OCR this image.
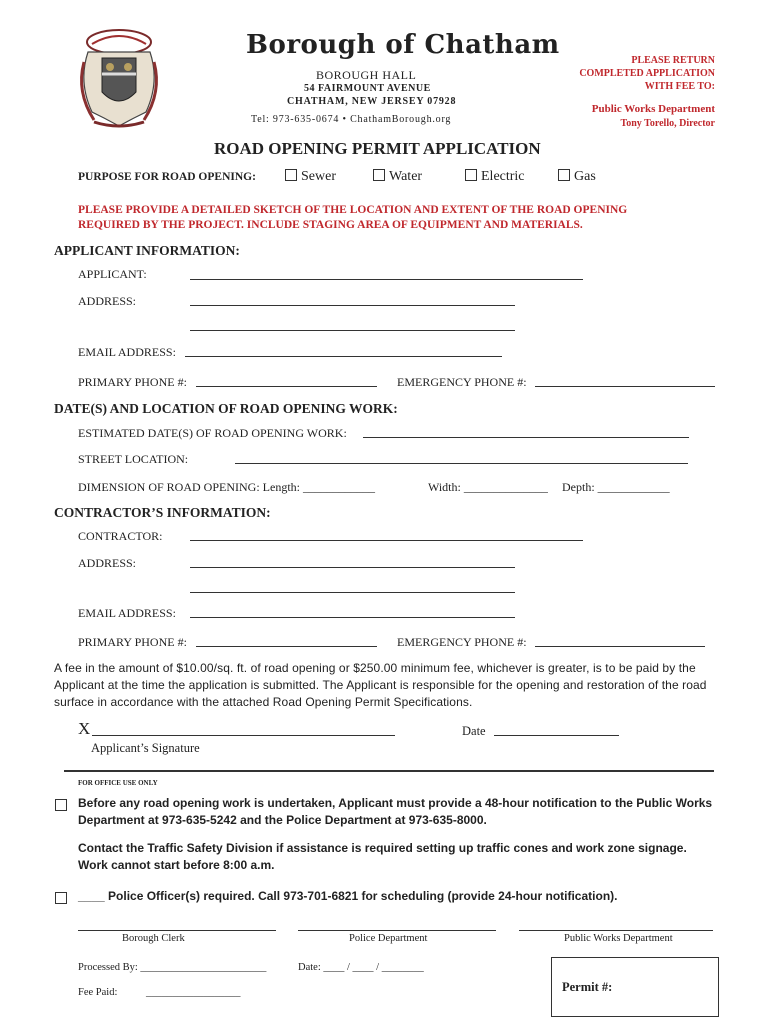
Borough of Chatham
BOROUGH HALL
54 FAIRMOUNT AVENUE
CHATHAM, NEW JERSEY 07928
Tel: 973-635-0674 • ChathamBorough.org
PLEASE RETURN
COMPLETED APPLICATION
WITH FEE TO:
Public Works Department
Tony Torello, Director
ROAD OPENING PERMIT APPLICATION
PURPOSE FOR ROAD OPENING:	Sewer	Water	Electric	Gas
PLEASE PROVIDE A DETAILED SKETCH OF THE LOCATION AND EXTENT OF THE ROAD OPENING
REQUIRED BY THE PROJECT. INCLUDE STAGING AREA OF EQUIPMENT AND MATERIALS.
APPLICANT INFORMATION:
APPLICANT:
ADDRESS:
EMAIL ADDRESS:
PRIMARY PHONE #:	EMERGENCY PHONE #:
DATE(S) AND LOCATION OF ROAD OPENING WORK:
ESTIMATED DATE(S) OF ROAD OPENING WORK:
STREET LOCATION:
DIMENSION OF ROAD OPENING: Length: ____________	Width: ______________ Depth: ____________
CONTRACTOR’S INFORMATION:
CONTRACTOR:
ADDRESS:
EMAIL ADDRESS:
PRIMARY PHONE #:	EMERGENCY PHONE #:
A fee in the amount of $10.00/sq. ft. of road opening or $250.00 minimum fee, whichever is greater, is to be paid by the Applicant at the time the application is submitted. The Applicant is responsible for the opening and restoration of the road surface in accordance with the attached Road Opening Permit Specifications.
X
Applicant’s Signature
Date
FOR OFFICE USE ONLY
Before any road opening work is undertaken, Applicant must provide a 48-hour notification to the Public Works Department at 973-635-5242 and the Police Department at 973-635-8000.
Contact the Traffic Safety Division if assistance is required setting up traffic cones and work zone signage. Work cannot start before 8:00 a.m.
____ Police Officer(s) required. Call 973-701-6821 for scheduling (provide 24-hour notification).
Borough Clerk	Police Department	Public Works Department
Processed By: ________________________	Date: ____ / ____ / ________
Fee Paid:	__________________	Permit #:
